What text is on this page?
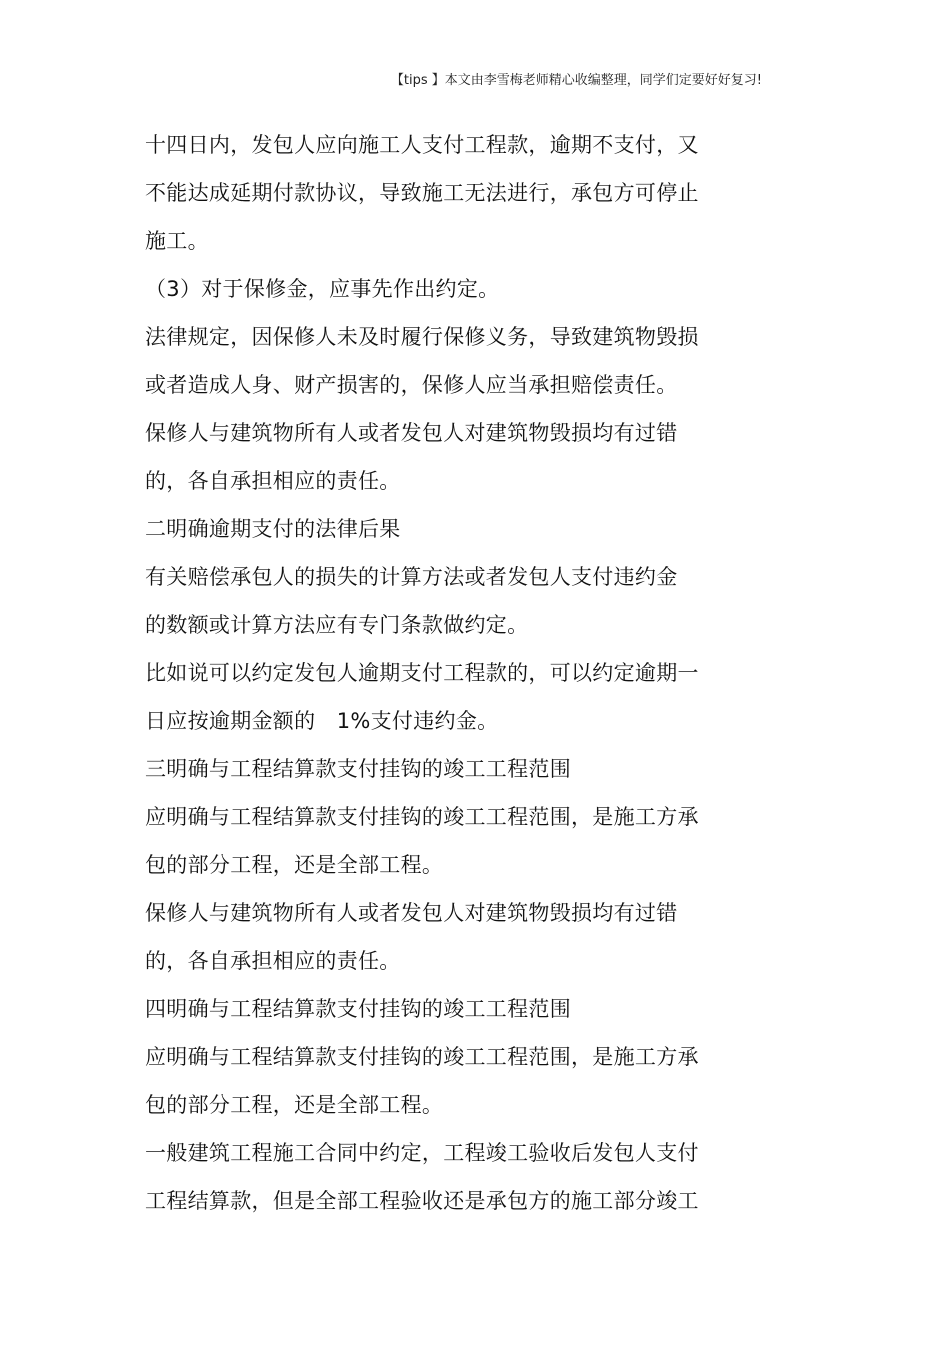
【tips 】本文由李雪梅老师精心收编整理，同学们定要好好复习!
十四日内，发包人应向施工人支付工程款，逾期不支付，又
不能达成延期付款协议，导致施工无法进行，承包方可停止
施工。
（3）对于保修金，应事先作出约定。
法律规定，因保修人未及时履行保修义务，导致建筑物毁损
或者造成人身、财产损害的，保修人应当承担赔偿责任。
保修人与建筑物所有人或者发包人对建筑物毁损均有过错
的，各自承担相应的责任。
二明确逾期支付的法律后果
有关赔偿承包人的损失的计算方法或者发包人支付违约金
的数额或计算方法应有专门条款做约定。
比如说可以约定发包人逾期支付工程款的，可以约定逾期一
日应按逾期金额的　1%支付违约金。
三明确与工程结算款支付挂钩的竣工工程范围
应明确与工程结算款支付挂钩的竣工工程范围，是施工方承
包的部分工程，还是全部工程。
保修人与建筑物所有人或者发包人对建筑物毁损均有过错
的，各自承担相应的责任。
四明确与工程结算款支付挂钩的竣工工程范围
应明确与工程结算款支付挂钩的竣工工程范围，是施工方承
包的部分工程，还是全部工程。
一般建筑工程施工合同中约定，工程竣工验收后发包人支付
工程结算款，但是全部工程验收还是承包方的施工部分竣工
